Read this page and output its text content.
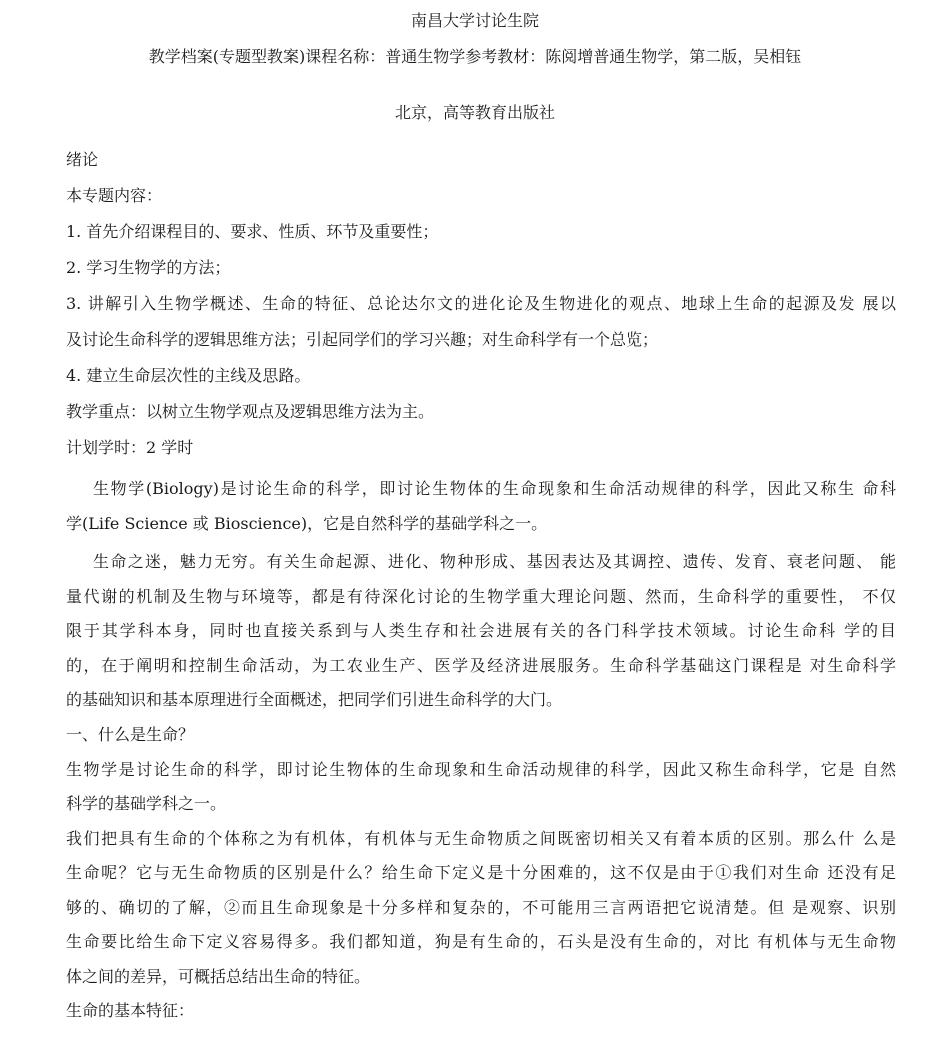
南昌大学讨论生院
教学档案(专题型教案)课程名称：普通生物学参考教材：陈阅增普通生物学，第二版，吴相钰
北京，高等教育出版社
绪论
本专题内容：
1. 首先介绍课程目的、要求、性质、环节及重要性；
2. 学习生物学的方法；
3. 讲解引入生物学概述、生命的特征、总论达尔文的进化论及生物进化的观点、地球上生命的起源及发 展以
及讨论生命科学的逻辑思维方法；引起同学们的学习兴趣；对生命科学有一个总览；
4. 建立生命层次性的主线及思路。
教学重点：以树立生物学观点及逻辑思维方法为主。
计划学时：2 学时
生物学(Biology)是讨论生命的科学，即讨论生物体的生命现象和生命活动规律的科学，因此又称生 命科
学(Life Science 或 Bioscience)，它是自然科学的基础学科之一。
生命之迷，魅力无穷。有关生命起源、进化、物种形成、基因表达及其调控、遗传、发育、衰老问题、 能
量代谢的机制及生物与环境等，都是有待深化讨论的生物学重大理论问题、然而，生命科学的重要性， 不仅
限于其学科本身，同时也直接关系到与人类生存和社会进展有关的各门科学技术领域。讨论生命科 学的目
的，在于阐明和控制生命活动，为工农业生产、医学及经济进展服务。生命科学基础这门课程是 对生命科学
的基础知识和基本原理进行全面概述，把同学们引进生命科学的大门。
一、什么是生命？
生物学是讨论生命的科学，即讨论生物体的生命现象和生命活动规律的科学，因此又称生命科学，它是 自然
科学的基础学科之一。
我们把具有生命的个体称之为有机体，有机体与无生命物质之间既密切相关又有着本质的区别。那么什 么是
生命呢？它与无生命物质的区别是什么？给生命下定义是十分困难的，这不仅是由于①我们对生命 还没有足
够的、确切的了解，②而且生命现象是十分多样和复杂的，不可能用三言两语把它说清楚。但 是观察、识别
生命要比给生命下定义容易得多。我们都知道，狗是有生命的，石头是没有生命的，对比 有机体与无生命物
体之间的差异，可概括总结出生命的特征。
生命的基本特征：
